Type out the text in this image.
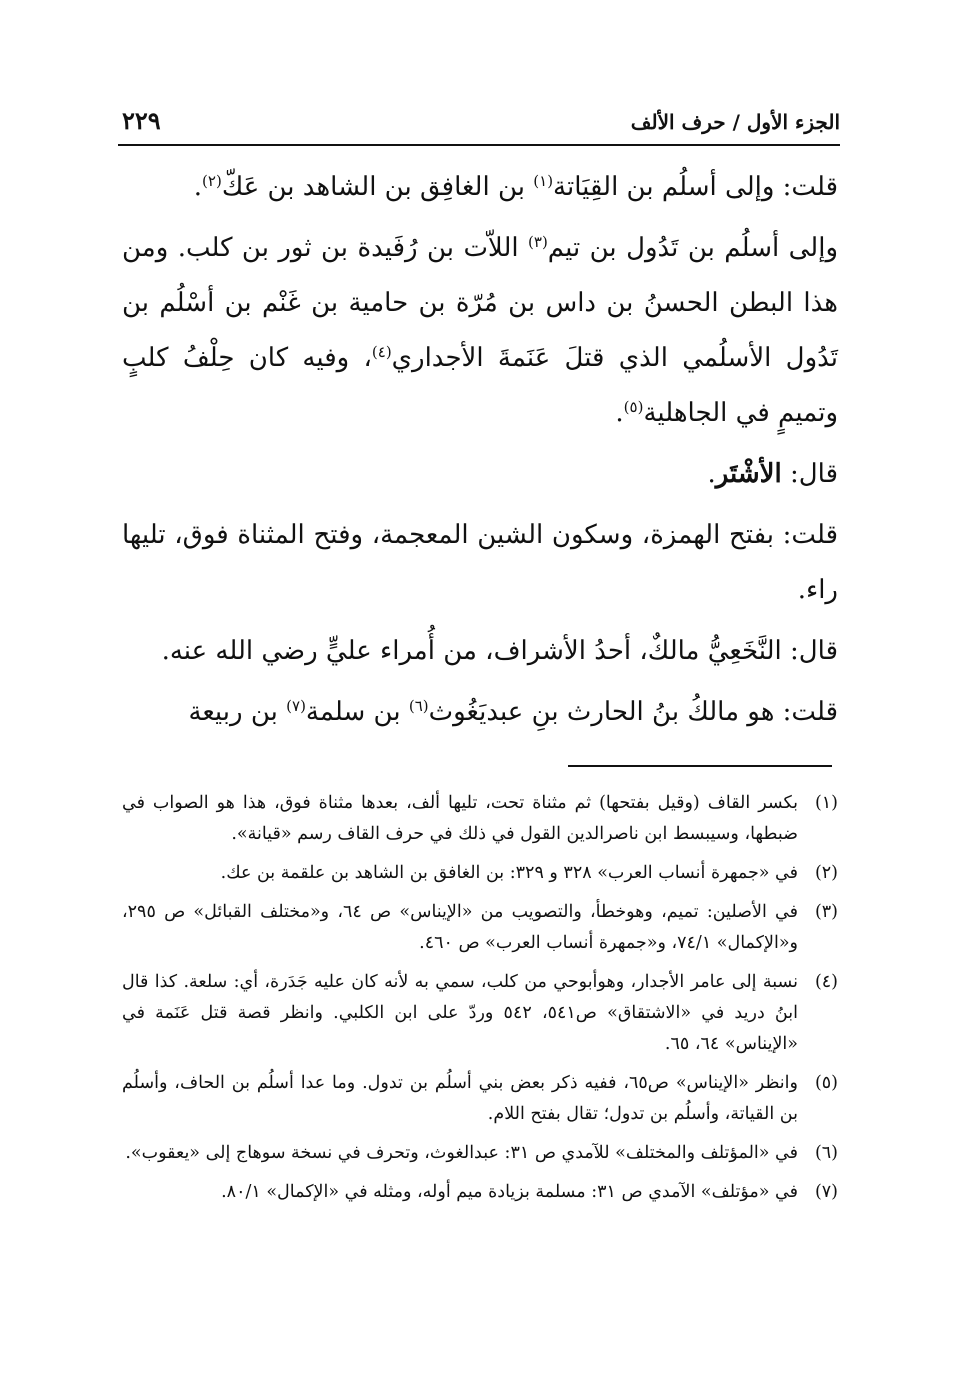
الجزء الأول / حرف الألف
٢٢٩

قلت: وإلى أسلُم بن القِيَاتة$^{(١)}$ بن الغافِق بن الشاهد بن عَكّ$^{(٢)}$.

وإلى أسلُم بن تَدُول بن تيم$^{(٣)}$ اللاّت بن رُفَيدة بن ثور بن كلب. ومن هذا البطن الحسنُ بن داس بن مُرّة بن حامية بن غَنْم بن أسْلُم بن تَدُول الأسلُمي الذي قتلَ عَنَمةَ الأجداري$^{(٤)}$، وفيه كان حِلْفُ كلبٍ وتميمٍ في الجاهلية$^{(٥)}$.

قال: الأشْتَر.

قلت: بفتح الهمزة، وسكون الشين المعجمة، وفتح المثناة فوق، تليها راء.

قال: النَّخَعِيُّ مالكٌ، أحدُ الأشراف، من أُمراء عليٍّ رضي الله عنه.

قلت: هو مالكُ بنُ الحارث بنِ عبديَغُوث$^{(٦)}$ بن سلمة$^{(٧)}$ بن ربيعة

(١)
بكسر القاف (وقيل بفتحها) ثم مثناة تحت، تليها ألف، بعدها مثناة فوق، هذا هو الصواب في ضبطها، وسيبسط ابن ناصرالدين القول في ذلك في حرف القاف رسم «قيانة».
(٢)
في «جمهرة أنساب العرب» ٣٢٨ و ٣٢٩: بن الغافق بن الشاهد بن علقمة بن عك.
(٣)
في الأصلين: تميم، وهوخطأ، والتصويب من «الإيناس» ص ٦٤، و«مختلف القبائل» ص ٢٩٥، و«الإكمال» ٧٤/١، و«جمهرة أنساب العرب» ص ٤٦٠.
(٤)
نسبة إلى عامر الأجدار، وهوأبوحي من كلب، سمي به لأنه كان عليه جَدَرة، أي: سلعة. كذا قال ابنُ دريد في «الاشتقاق» ص٥٤١، ٥٤٢ وردّ على ابن الكلبي. وانظر قصة قتل عَنَمة في «الإيناس» ٦٤، ٦٥.
(٥)
وانظر «الإيناس» ص٦٥، ففيه ذكر بعض بني أسلُم بن تدول. وما عدا أسلُم بن الحاف، وأسلُم بن القياتة، وأسلُم بن تدول؛ تقال بفتح اللام.
(٦)
في «المؤتلف والمختلف» للآمدي ص ٣١: عبدالغوث، وتحرف في نسخة سوهاج إلى «يعقوب».
(٧)
في «مؤتلف» الآمدي ص ٣١: مسلمة بزيادة ميم أوله، ومثله في «الإكمال» ٨٠/١.
